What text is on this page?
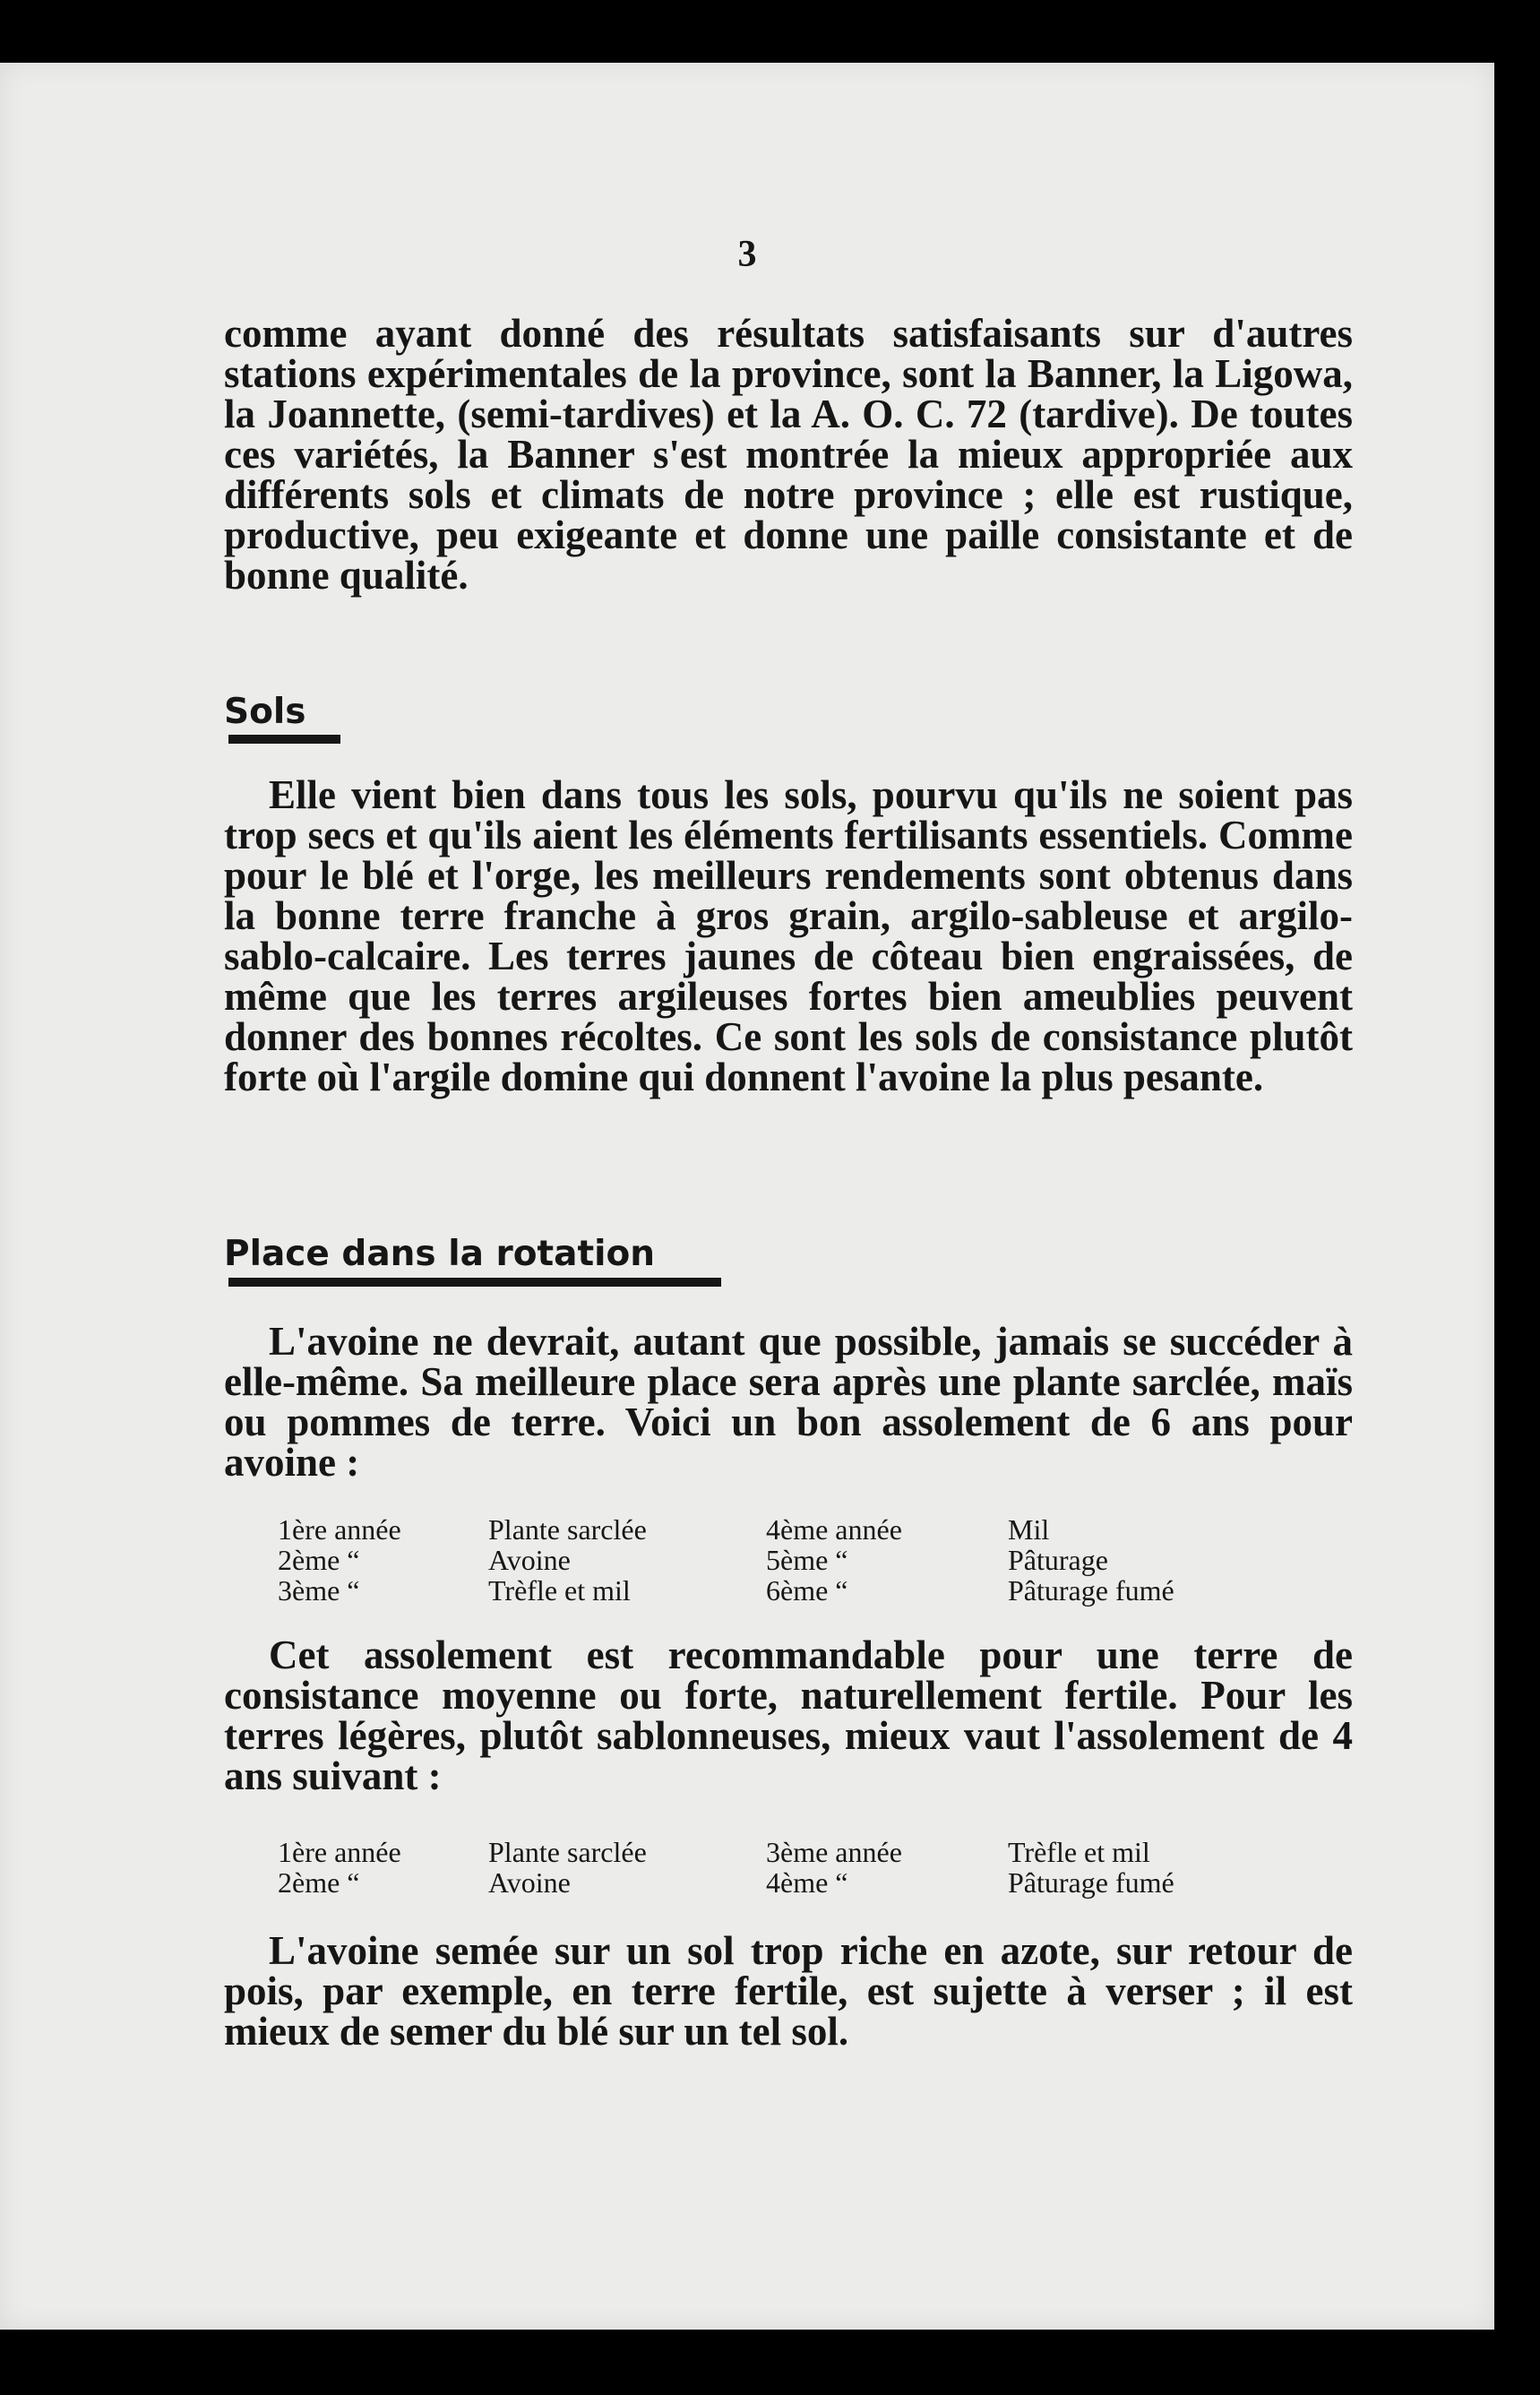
3

comme ayant donné des résultats satisfaisants sur d'autres stations expérimentales de la province, sont la Banner, la Ligowa, la Joannette, (semi-tardives) et la A. O. C. 72 (tardive). De toutes ces variétés, la Banner s'est montrée la mieux appropriée aux différents sols et climats de notre province ; elle est rustique, productive, peu exigeante et donne une paille consistante et de bonne qualité.

Sols

Elle vient bien dans tous les sols, pourvu qu'ils ne soient pas trop secs et qu'ils aient les éléments fertilisants essentiels. Comme pour le blé et l'orge, les meilleurs rendements sont obtenus dans la bonne terre franche à gros grain, argilo-sableuse et argilo-sablo-calcaire. Les terres jaunes de côteau bien engraissées, de même que les terres argileuses fortes bien ameublies peuvent donner des bonnes récoltes. Ce sont les sols de consistance plutôt forte où l'argile domine qui donnent l'avoine la plus pesante.

Place dans la rotation

L'avoine ne devrait, autant que possible, jamais se succéder à elle-même. Sa meilleure place sera après une plante sarclée, maïs ou pommes de terre. Voici un bon assolement de 6 ans pour avoine :

1ère année	Plante sarclée	4ème année	Mil
2ème “	Avoine	5ème “	Pâturage
3ème “	Trèfle et mil	6ème “	Pâturage fumé

Cet assolement est recommandable pour une terre de consistance moyenne ou forte, naturellement fertile. Pour les terres légères, plutôt sablonneuses, mieux vaut l'assolement de 4 ans suivant :

1ère année	Plante sarclée	3ème année	Trèfle et mil
2ème “	Avoine	4ème “	Pâturage fumé

L'avoine semée sur un sol trop riche en azote, sur retour de pois, par exemple, en terre fertile, est sujette à verser ; il est mieux de semer du blé sur un tel sol.
